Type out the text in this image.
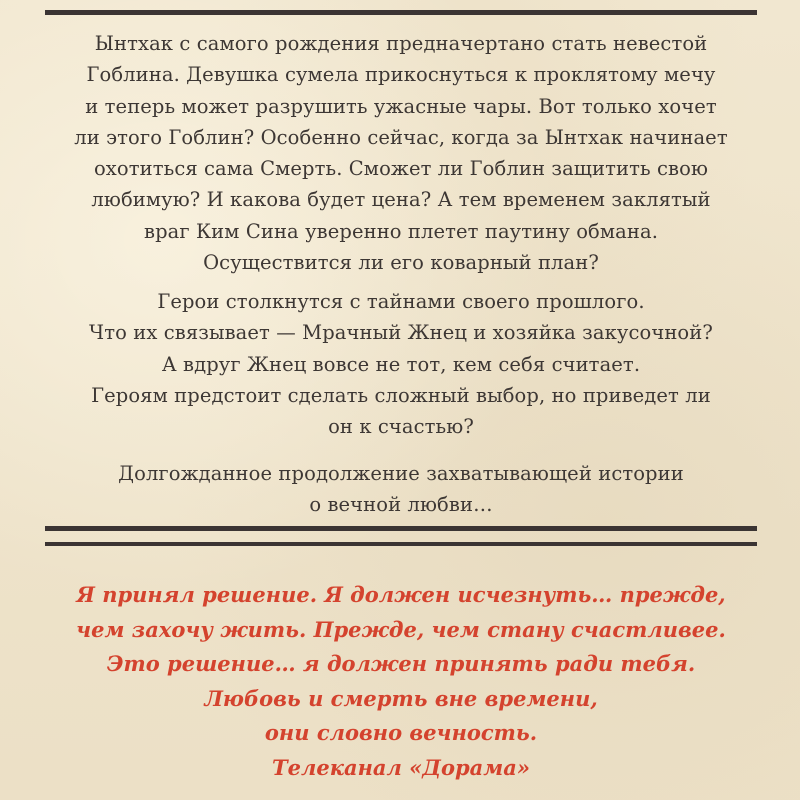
Ынтхак с самого рождения предначертано стать невестой

Гоблина. Девушка сумела прикоснуться к проклятому мечу

и теперь может разрушить ужасные чары. Вот только хочет

ли этого Гоблин? Особенно сейчас, когда за Ынтхак начинает

охотиться сама Смерть. Сможет ли Гоблин защитить свою

любимую? И какова будет цена? А тем временем заклятый

враг Ким Сина уверенно плетет паутину обмана.

Осуществится ли его коварный план?

Герои столкнутся с тайнами своего прошлого.

Что их связывает — Мрачный Жнец и хозяйка закусочной?

А вдруг Жнец вовсе не тот, кем себя считает.

Героям предстоит сделать сложный выбор, но приведет ли

он к счастью?

Долгожданное продолжение захватывающей истории

о вечной любви…

Я принял решение. Я должен исчезнуть… прежде,

чем захочу жить. Прежде, чем стану счастливее.

Это решение… я должен принять ради тебя.

Любовь и смерть вне времени,

они словно вечность.

Телеканал «Дорама»
